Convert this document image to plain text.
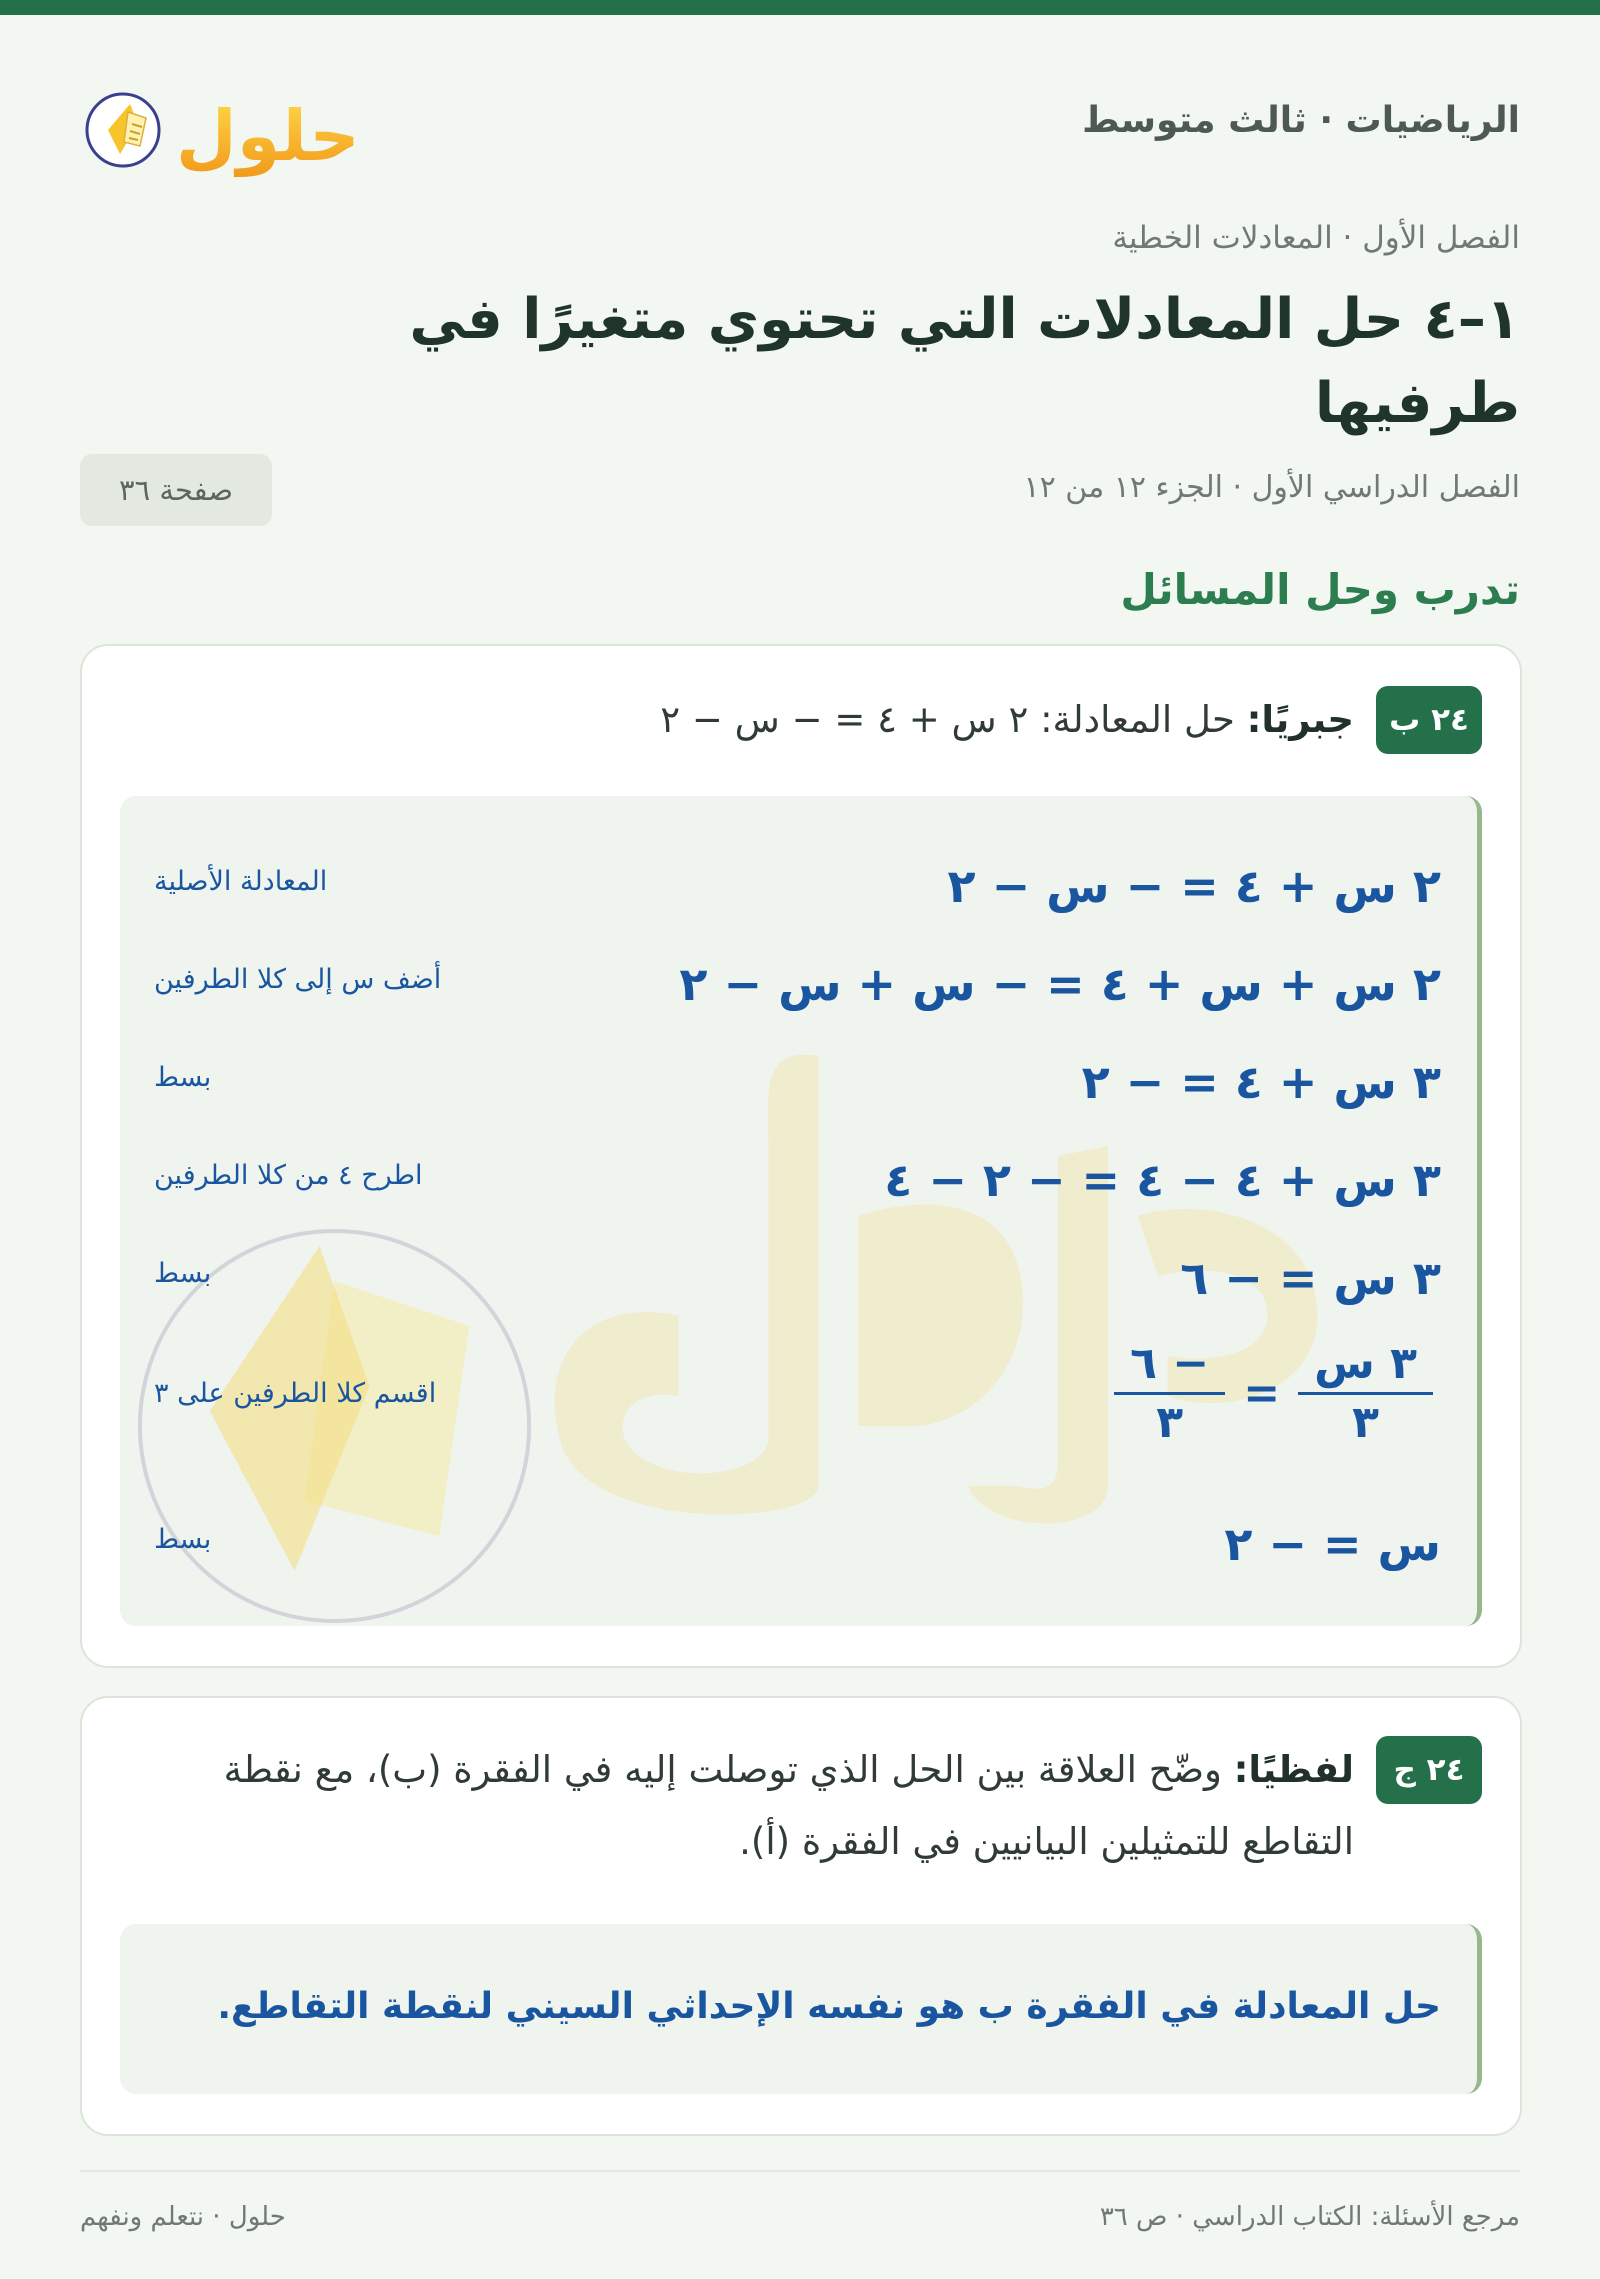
الرياضيات · ثالث متوسط
حلول
الفصل الأول · المعادلات الخطية
١–٤ حل المعادلات التي تحتوي متغيرًا في طرفيها
الفصل الدراسي الأول · الجزء ١٢ من ١٢
صفحة ٣٦
تدرب وحل المسائل
٢٤ ب
جبريًا: حل المعادلة: ٢ س + ٤ = − س − ٢
٢ س + ٤ = − س − ٢
المعادلة الأصلية
٢ س + س + ٤ = − س + س − ٢
أضف س إلى كلا الطرفين
٣ س + ٤ = − ٢
بسط
٣ س + ٤ − ٤ = − ٢ − ٤
اطرح ٤ من كلا الطرفين
٣ س = − ٦
بسط
$\frac{\text{٣ س}}{٣}$
=
$\frac{- ٦}{٣}$
اقسم كلا الطرفين على ٣
س = − ٢
بسط
٢٤ ج
لفظيًا: وضّح العلاقة بين الحل الذي توصلت إليه في الفقرة (ب)، مع نقطة التقاطع للتمثيلين البيانيين في الفقرة (أ).
حل المعادلة في الفقرة ب هو نفسه الإحداثي السيني لنقطة التقاطع.
مرجع الأسئلة: الكتاب الدراسي · ص ٣٦
حلول · نتعلم ونفهم
